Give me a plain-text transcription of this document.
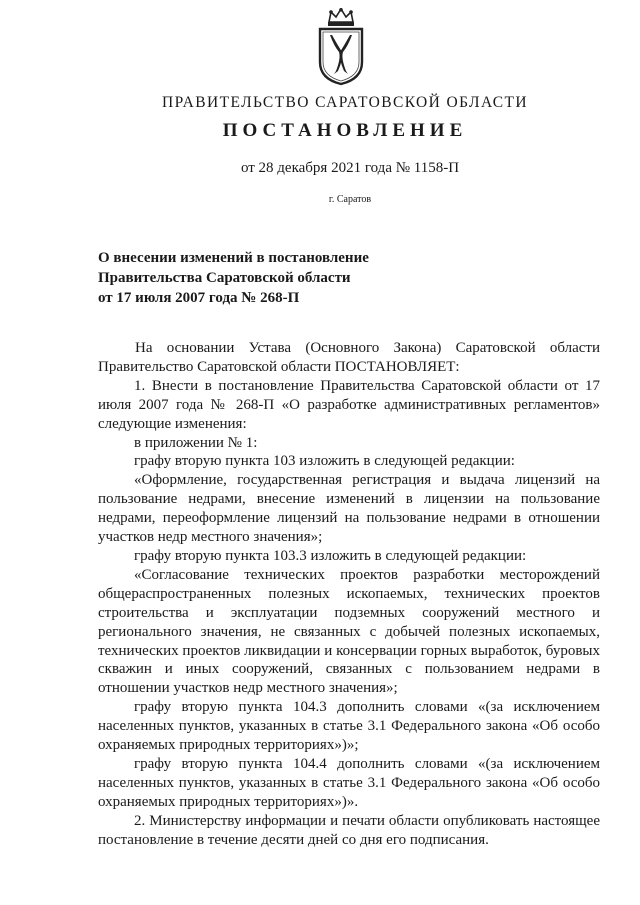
ПРАВИТЕЛЬСТВО САРАТОВСКОЙ ОБЛАСТИ
ПОСТАНОВЛЕНИЕ
от 28 декабря 2021 года № 1158-П
г. Саратов
О внесении изменений в постановление
Правительства Саратовской области
от 17 июля 2007 года № 268-П

На основании Устава (Основного Закона) Саратовской области Правительство Саратовской области ПОСТАНОВЛЯЕТ:

1. Внести в постановление Правительства Саратовской области от 17 июля 2007 года № 268-П «О разработке административных регламентов» следующие изменения:

в приложении № 1:

графу вторую пункта 103 изложить в следующей редакции:

«Оформление, государственная регистрация и выдача лицензий на пользование недрами, внесение изменений в лицензии на пользование недрами, переоформление лицензий на пользование недрами в отношении участков недр местного значения»;

графу вторую пункта 103.3 изложить в следующей редакции:

«Согласование технических проектов разработки месторождений общераспространенных полезных ископаемых, технических проектов строительства и эксплуатации подземных сооружений местного и регионального значения, не связанных с добычей полезных ископаемых, технических проектов ликвидации и консервации горных выработок, буровых скважин и иных сооружений, связанных с пользованием недрами в отношении участков недр местного значения»;

графу вторую пункта 104.3 дополнить словами «(за исключением населенных пунктов, указанных в статье 3.1 Федерального закона «Об особо охраняемых природных территориях»)»;

графу вторую пункта 104.4 дополнить словами «(за исключением населенных пунктов, указанных в статье 3.1 Федерального закона «Об особо охраняемых природных территориях»)».

2. Министерству информации и печати области опубликовать настоящее постановление в течение десяти дней со дня его подписания.
